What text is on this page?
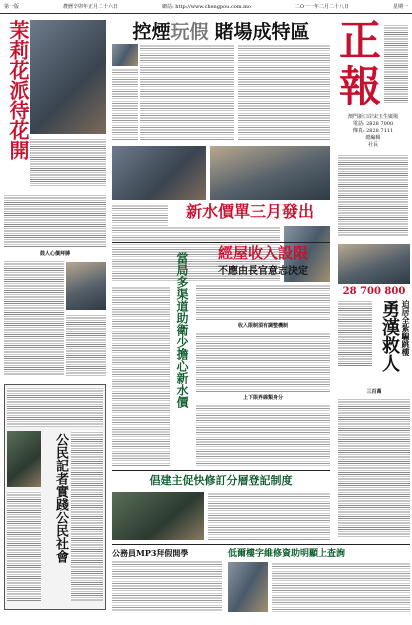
第一版	農曆辛卯年正月二十六日	網站: http://www.chengpou.com.mo	二O一一年二月二十八日	星期一
茉莉花派待花開
鼓人心價拜膊
公民記者實踐公民社會
控煙 玩假 賭場成特區
新水價單三月發出
當局多渠道助衛少擔心新水價	經屋收入設限
不應由長官意志決定
收入限制須有調整機制
上下限界線類身分
正
報
澳門新口岸宋玉生廣場
電話: 2828 7000
傳真: 2828 7111
總編輯
社長
28 700 800
勇漢救人 迫居全紮騙跳樓
三百萬
倡建主促快修訂分層登記制度
公務員MP3拜假開學	低爾樓字維修資助明顯上查詢
